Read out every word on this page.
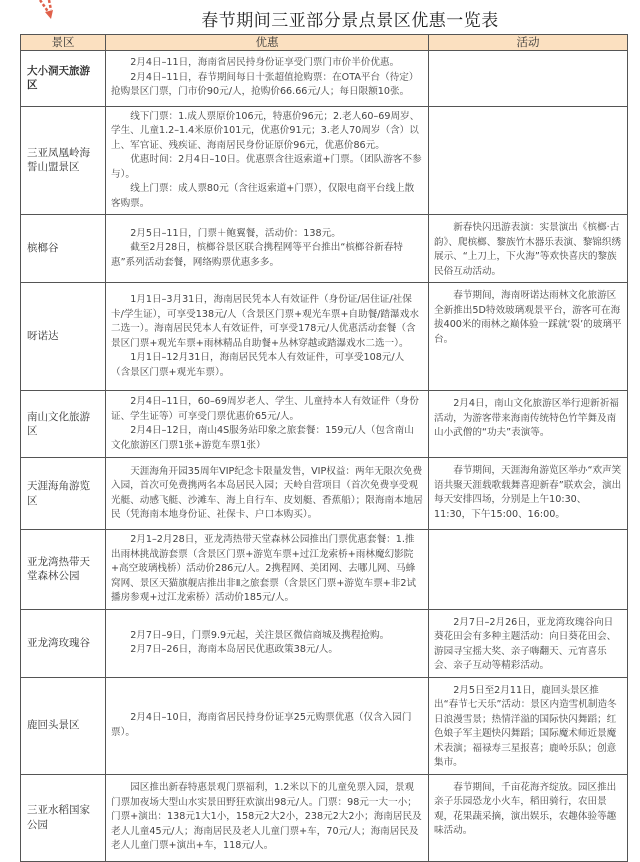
春节期间三亚部分景点景区优惠一览表
景区	优惠	活动
大小洞天旅游区	2月4日–11日，海南省居民持身份证享受门票门市价半价优惠。

2月4日–11日，春节期间每日十张超值抢购票：在OTA平台（待定）抢购景区门票，门市价90元/人，抢购价66.66元/人；每日限额10张。	

三亚凤凰岭海誓山盟景区	线下门票：1.成人票原价106元，特惠价96元；2.老人60–69周岁、学生、儿童1.2–1.4米原价101元，优惠价91元；3.老人70周岁（含）以上、军官证、残疾证、海南居民身份证原价96元，优惠价86元。

优惠时间：2月4日–10日。优惠票含往返索道+门票。（团队游客不参与）。

线上门票：成人票80元（含往返索道+门票），仅限电商平台线上散客购票。	

槟榔谷	2月5日–11日，门票＋鲍翼餐，活动价：138元。

截至2月28日，槟榔谷景区联合携程网等平台推出“槟榔谷新春特惠”系列活动套餐，网络购票优惠多多。	新春快闪迅游表演：实景演出《槟榔·古韵》、爬槟榔、黎族竹木器乐表演、黎锦织绣展示、“上刀上，下火海”等欢快喜庆的黎族民俗互动活动。

呀诺达	1月1日–3月31日，海南居民凭本人有效证件（身份证/居住证/社保卡/学生证），可享受138元/人（含景区门票+观光车票+自助餐/踏瀑戏水二选一）。海南居民凭本人有效证件，可享受178元/人优惠活动套餐（含景区门票+观光车票+雨林精品自助餐+丛林穿越或踏瀑戏水二选一）。

1月1日–12月31日，海南居民凭本人有效证件，可享受108元/人（含景区门票+观光车票）。	春节期间，海南呀诺达雨林文化旅游区全新推出5D特效玻璃观景平台，游客可在海拔400米的雨林之巅体验一踩就‘裂’的玻璃平台。

南山文化旅游区	2月4日–11日，60–69周岁老人、学生、儿童持本人有效证件（身份证、学生证等）可享受门票优惠价65元/人。

2月4日–12日，南山4S服务站印象之旅套餐：159元/人（包含南山文化旅游区门票1张+游览车票1张）	2月4日，南山文化旅游区举行迎新祈福活动，为游客带来海南传统特色竹竿舞及南山小武僧的“功夫”表演等。

天涯海角游览区	天涯海角开园35周年VIP纪念卡限量发售，VIP权益：两年无限次免费入园，首次可免费携两名本岛居民入园；天岭自营项目（首次免费享受观光艇、动感飞艇、沙滩车、海上自行车、皮划艇、香蕉船）；限海南本地居民（凭海南本地身份证、社保卡、户口本购买）。	春节期间，天涯海角游览区举办“欢声笑语共聚天涯载歌载舞喜迎新春”联欢会，演出每天安排四场，分别是上午10:30、11:30，下午15:00、16:00。

亚龙湾热带天堂森林公园	2月1–2月28日，亚龙湾热带天堂森林公园推出门票优惠套餐：1.推出雨林挑战游套票（含景区门票+游览车票+过江龙索桥+雨林魔幻影院+高空玻璃栈桥）活动价286元/人。2携程网、美团网、去哪儿网、马蜂窝网、景区天猫旗舰店推出非Ⅱ之旅套票（含景区门票+游览车票+非2试播房参观+过江龙索桥）活动价185元/人。	

亚龙湾玫瑰谷	2月7日–9日，门票9.9元起，关注景区微信商城及携程抢购。

2月7日–26日，海南本岛居民优惠政策38元/人。	2月7日–2月26日，亚龙湾玫瑰谷向日葵花田会有多种主题活动：向日葵花田会、游园寻宝摇大奖、亲子嗨翻天、元宵喜乐会、亲子互动等精彩活动。

鹿回头景区	2月4日–10日，海南省居民持身份证享25元购票优惠（仅含入园门票）。	2月5日至2月11日，鹿回头景区推出“春节七天乐”活动：景区内造雪机制造冬日浪漫雪景；热情洋溢的国际快闪舞蹈；红色娘子军主题快闪舞蹈；国际魔术师近景魔术表演；福禄寿三星报喜；鹿岭乐队；创意集市。

三亚水稻国家公园	园区推出新春特惠景观门票福利，1.2米以下的儿童免票入园，景观门票加夜场大型山水实景田野狂欢演出98元/人。门票：98元一大一小；门票+演出：138元1大1小，158元2大2小，238元2大2小；海南居民及老人儿童45元/人；海南居民及老人儿童门票+车，70元/人；海南居民及老人儿童门票+演出+车，118元/人。	春节期间，千亩花海齐绽放。园区推出亲子乐园恐龙小火车，稻田骑行，农田景观，花果蔬采摘，演出娱乐，农趣体验等趣味活动。
